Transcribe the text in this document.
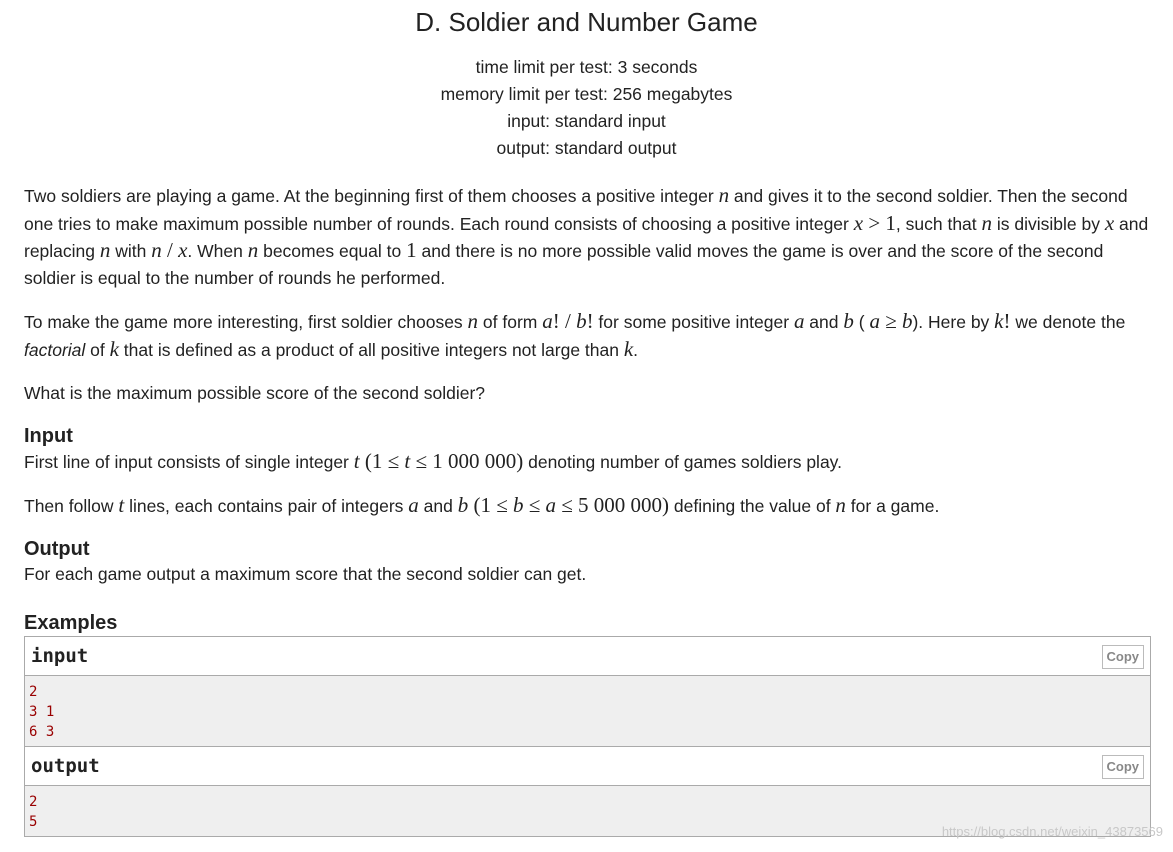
D. Soldier and Number Game
time limit per test: 3 seconds
memory limit per test: 256 megabytes
input: standard input
output: standard output

Two soldiers are playing a game. At the beginning first of them chooses a positive integer n and gives it to the second soldier. Then the second one tries to make maximum possible number of rounds. Each round consists of choosing a positive integer x > 1, such that n is divisible by x and replacing n with n / x. When n becomes equal to 1 and there is no more possible valid moves the game is over and the score of the second soldier is equal to the number of rounds he performed.

To make the game more interesting, first soldier chooses n of form a! / b! for some positive integer a and b ( a ≥ b). Here by k! we denote the factorial of k that is defined as a product of all positive integers not large than k.

What is the maximum possible score of the second soldier?

Input

First line of input consists of single integer t (1 ≤ t ≤ 1 000 000) denoting number of games soldiers play.

Then follow t lines, each contains pair of integers a and b (1 ≤ b ≤ a ≤ 5 000 000) defining the value of n for a game.

Output

For each game output a maximum score that the second soldier can get.

Examples
input	Copy
2
3 1
6 3
output	Copy
2
5
https://blog.csdn.net/weixin_43873569
